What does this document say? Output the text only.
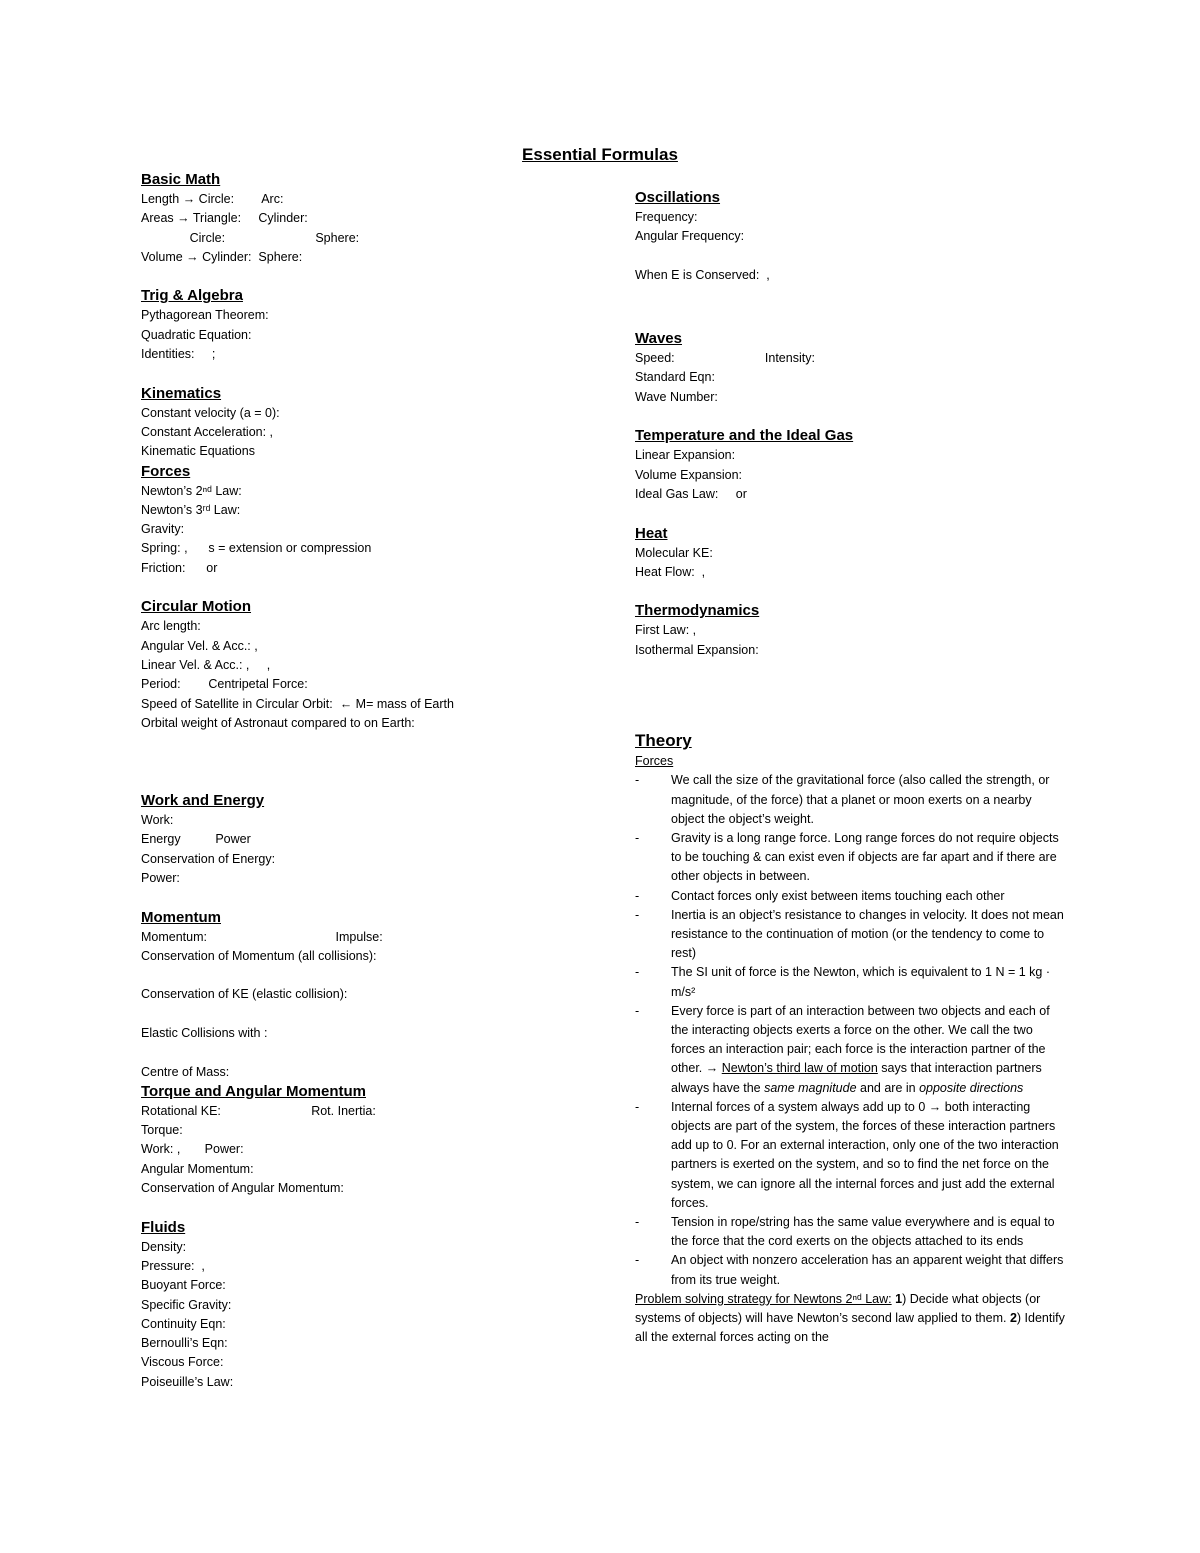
Essential Formulas
Basic Math
Length → Circle:        Arc:
Areas → Triangle:     Cylinder:
Circle:                          Sphere:
Volume → Cylinder:  Sphere:
Trig & Algebra
Pythagorean Theorem:
Quadratic Equation:
Identities:     ;
Kinematics
Constant velocity (a = 0):
Constant Acceleration: ,
Kinematic Equations
Forces
Newton’s 2ⁿᵈ Law:
Newton’s 3ʳᵈ Law:
Gravity:
Spring: ,      s = extension or compression
Friction:      or
Circular Motion
Arc length:
Angular Vel. & Acc.: ,
Linear Vel. & Acc.: ,     ,
Period:        Centripetal Force:
Speed of Satellite in Circular Orbit:  ← M= mass of Earth
Orbital weight of Astronaut compared to on Earth:
Work and Energy
Work:
Energy          Power
Conservation of Energy:
Power:
Momentum
Momentum:                                     Impulse:
Conservation of Momentum (all collisions):
Conservation of KE (elastic collision):
Elastic Collisions with :
Centre of Mass:
Torque and Angular Momentum
Rotational KE:                          Rot. Inertia:
Torque:
Work: ,       Power:
Angular Momentum:
Conservation of Angular Momentum:
Fluids
Density:
Pressure:  ,
Buoyant Force:
Specific Gravity:
Continuity Eqn:
Bernoulli’s Eqn:
Viscous Force:
Poiseuille’s Law:
Oscillations
Frequency:
Angular Frequency:
When E is Conserved:  ,
Waves
Speed:                          Intensity:
Standard Eqn:
Wave Number:
Temperature and the Ideal Gas
Linear Expansion:
Volume Expansion:
Ideal Gas Law:     or
Heat
Molecular KE:
Heat Flow:  ,
Thermodynamics
First Law: ,
Isothermal Expansion:
Theory
Forces
- We call the size of the gravitational force (also called the strength, or magnitude, of the force) that a planet or moon exerts on a nearby object the object’s weight.
- Gravity is a long range force. Long range forces do not require objects to be touching & can exist even if objects are far apart and if there are other objects in between.
- Contact forces only exist between items touching each other
- Inertia is an object’s resistance to changes in velocity. It does not mean resistance to the continuation of motion (or the tendency to come to rest)
- The SI unit of force is the Newton, which is equivalent to 1 N = 1 kg · m/s²
- Every force is part of an interaction between two objects and each of the interacting objects exerts a force on the other. We call the two forces an interaction pair; each force is the interaction partner of the other. → Newton’s third law of motion says that interaction partners always have the same magnitude and are in opposite directions
- Internal forces of a system always add up to 0 → both interacting objects are part of the system, the forces of these interaction partners add up to 0. For an external interaction, only one of the two interaction partners is exerted on the system, and so to find the net force on the system, we can ignore all the internal forces and just add the external forces.
- Tension in rope/string has the same value everywhere and is equal to the force that the cord exerts on the objects attached to its ends
- An object with nonzero acceleration has an apparent weight that differs from its true weight.
Problem solving strategy for Newtons 2ⁿᵈ Law: 1) Decide what objects (or systems of objects) will have Newton’s second law applied to them. 2) Identify all the external forces acting on the
